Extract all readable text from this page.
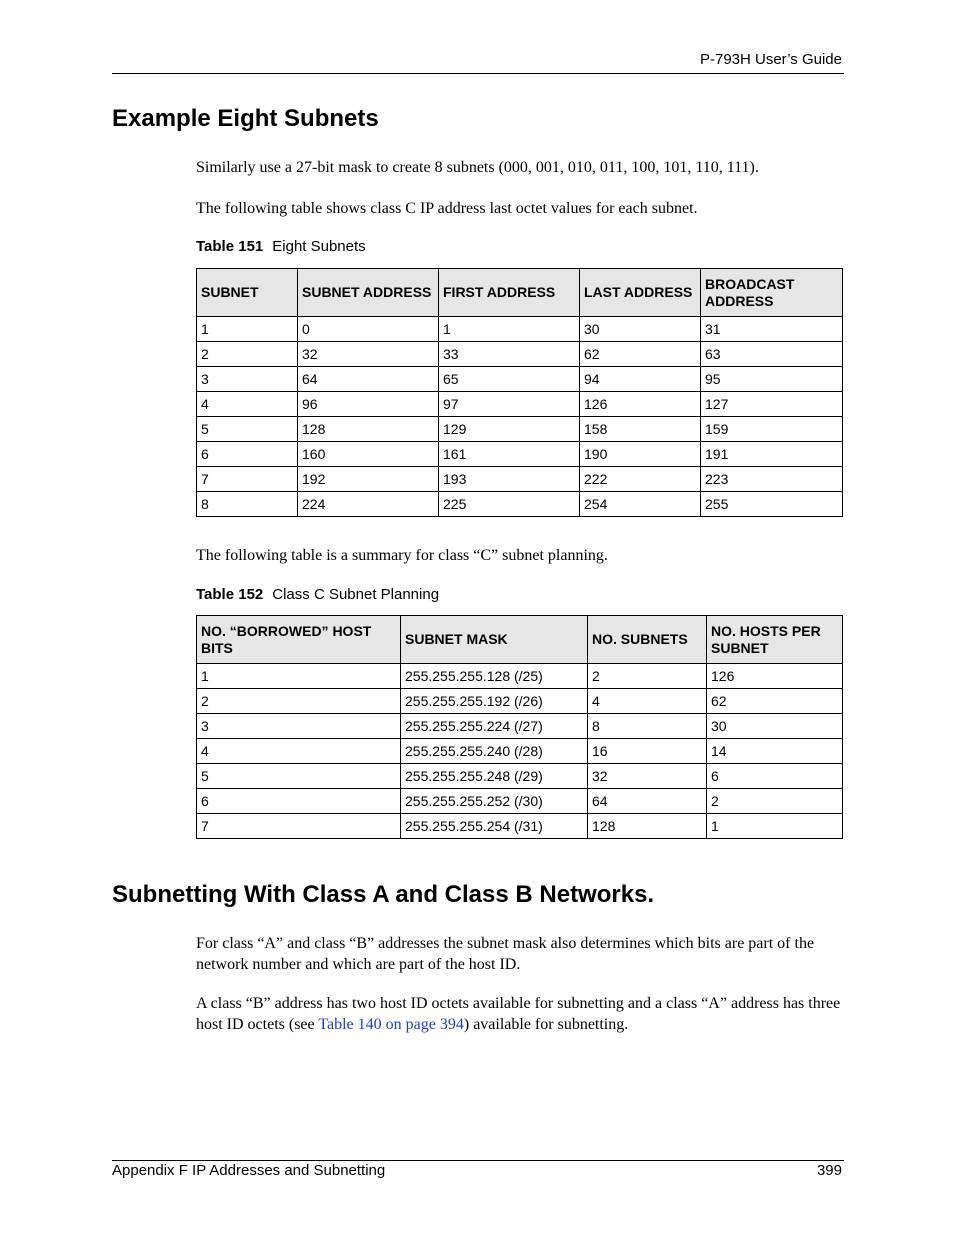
P-793H User’s Guide
Example Eight Subnets

Similarly use a 27-bit mask to create 8 subnets (000, 001, 010, 011, 100, 101, 110, 111).

The following table shows class C IP address last octet values for each subnet.

Table 151 Eight Subnets
SUBNET	SUBNET ADDRESS	FIRST ADDRESS	LAST ADDRESS	BROADCAST ADDRESS
1	0	1	30	31
2	32	33	62	63
3	64	65	94	95
4	96	97	126	127
5	128	129	158	159
6	160	161	190	191
7	192	193	222	223
8	224	225	254	255

The following table is a summary for class “C” subnet planning.

Table 152 Class C Subnet Planning
NO. “BORROWED” HOST BITS	SUBNET MASK	NO. SUBNETS	NO. HOSTS PER SUBNET
1	255.255.255.128 (/25)	2	126
2	255.255.255.192 (/26)	4	62
3	255.255.255.224 (/27)	8	30
4	255.255.255.240 (/28)	16	14
5	255.255.255.248 (/29)	32	6
6	255.255.255.252 (/30)	64	2
7	255.255.255.254 (/31)	128	1
Subnetting With Class A and Class B Networks.

For class “A” and class “B” addresses the subnet mask also determines which bits are part of the network number and which are part of the host ID.

A class “B” address has two host ID octets available for subnetting and a class “A” address has three host ID octets (see Table 140 on page 394) available for subnetting.

Appendix F IP Addresses and Subnetting	399
